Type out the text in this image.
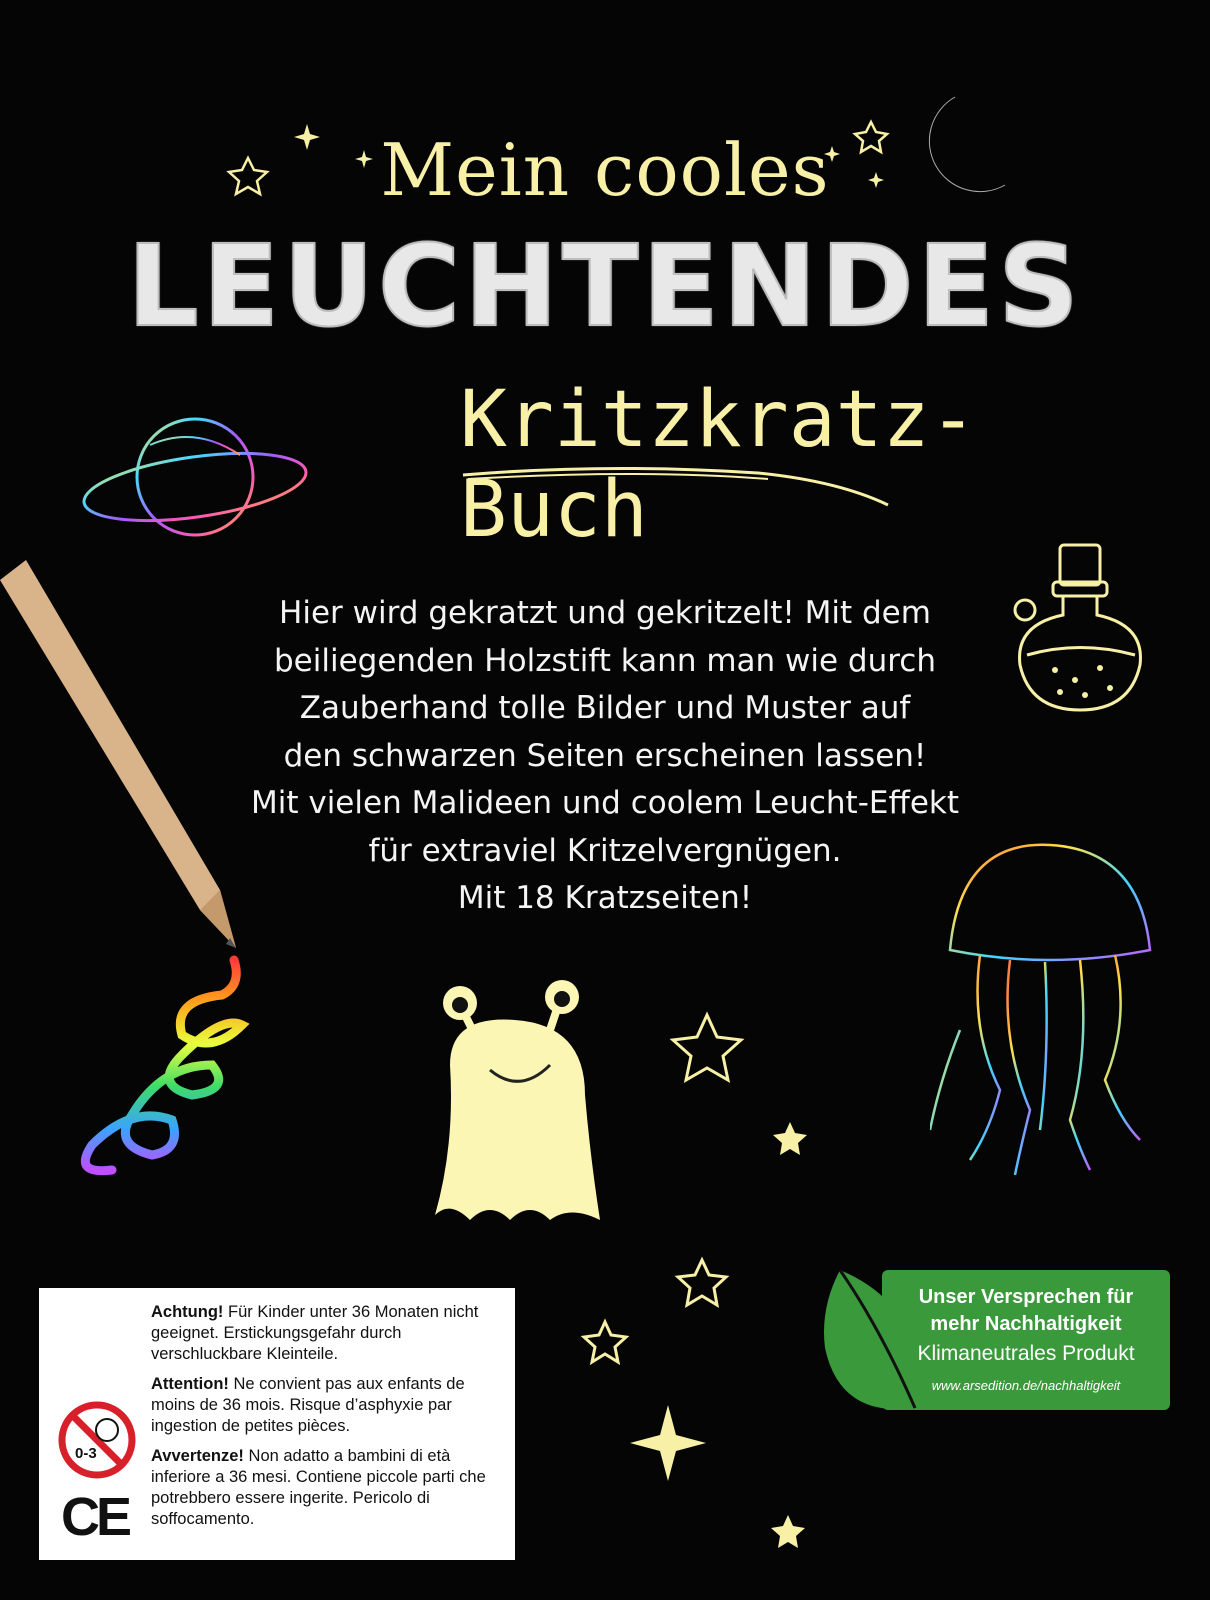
Mein cooles
LEUCHTENDES
Kritzkratz-Buch
Hier wird gekratzt und gekritzelt! Mit dem
beiliegenden Holzstift kann man wie durch
Zauberhand tolle Bilder und Muster auf
den schwarzen Seiten erscheinen lassen!
Mit vielen Malideen und coolem Leucht-Effekt
für extraviel Kritzelvergnügen.
Mit 18 Kratzseiten!
0-3
CE

Achtung! Für Kinder unter 36 Monaten nicht geeignet. Erstickungsgefahr durch verschluckbare Kleinteile.

Attention! Ne convient pas aux enfants de moins de 36 mois. Risque d’asphyxie par ingestion de petites pièces.

Avvertenze! Non adatto a bambini di età inferiore a 36 mesi. Contiene piccole parti che potrebbero essere ingerite. Pericolo di soffocamento.

Unser Versprechen für
mehr Nachhaltigkeit
Klimaneutrales Produkt
www.arsedition.de/nachhaltigkeit
